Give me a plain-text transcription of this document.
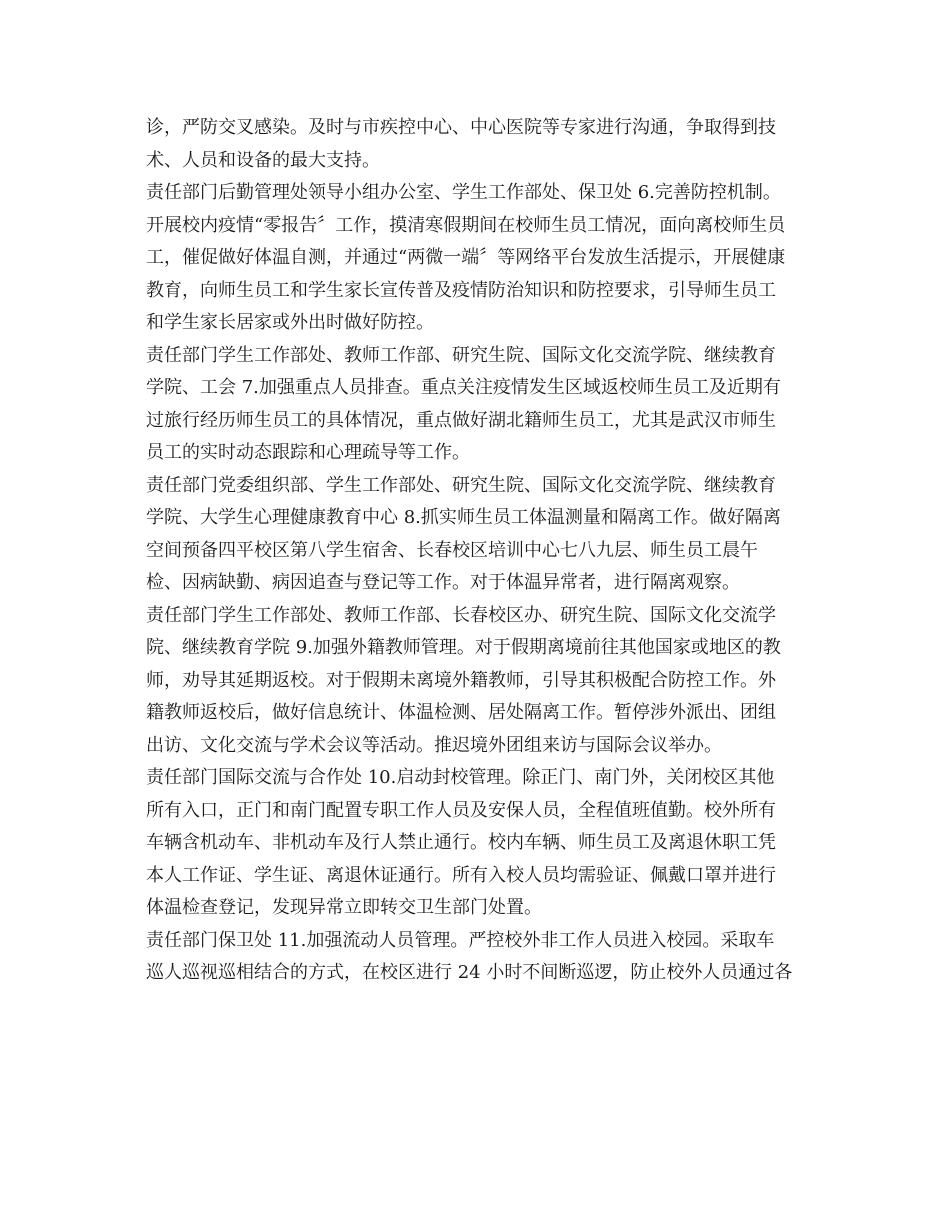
诊，严防交叉感染。及时与市疾控中心、中心医院等专家进行沟通，争取得到技
术、人员和设备的最大支持。
责任部门后勤管理处领导小组办公室、学生工作部处、保卫处 6.完善防控机制。
开展校内疫情“零报告〞工作，摸清寒假期间在校师生员工情况，面向离校师生员
工，催促做好体温自测，并通过“两微一端〞等网络平台发放生活提示，开展健康
教育，向师生员工和学生家长宣传普及疫情防治知识和防控要求，引导师生员工
和学生家长居家或外出时做好防控。
责任部门学生工作部处、教师工作部、研究生院、国际文化交流学院、继续教育
学院、工会 7.加强重点人员排查。重点关注疫情发生区域返校师生员工及近期有
过旅行经历师生员工的具体情况，重点做好湖北籍师生员工，尤其是武汉市师生
员工的实时动态跟踪和心理疏导等工作。
责任部门党委组织部、学生工作部处、研究生院、国际文化交流学院、继续教育
学院、大学生心理健康教育中心 8.抓实师生员工体温测量和隔离工作。做好隔离
空间预备四平校区第八学生宿舍、长春校区培训中心七八九层、师生员工晨午
检、因病缺勤、病因追查与登记等工作。对于体温异常者，进行隔离观察。
责任部门学生工作部处、教师工作部、长春校区办、研究生院、国际文化交流学
院、继续教育学院 9.加强外籍教师管理。对于假期离境前往其他国家或地区的教
师，劝导其延期返校。对于假期未离境外籍教师，引导其积极配合防控工作。外
籍教师返校后，做好信息统计、体温检测、居处隔离工作。暂停涉外派出、团组
出访、文化交流与学术会议等活动。推迟境外团组来访与国际会议举办。
责任部门国际交流与合作处 10.启动封校管理。除正门、南门外，关闭校区其他
所有入口，正门和南门配置专职工作人员及安保人员，全程值班值勤。校外所有
车辆含机动车、非机动车及行人禁止通行。校内车辆、师生员工及离退休职工凭
本人工作证、学生证、离退休证通行。所有入校人员均需验证、佩戴口罩并进行
体温检查登记，发现异常立即转交卫生部门处置。
责任部门保卫处 11.加强流动人员管理。严控校外非工作人员进入校园。采取车
巡人巡视巡相结合的方式，在校区进行 24 小时不间断巡逻，防止校外人员通过各
